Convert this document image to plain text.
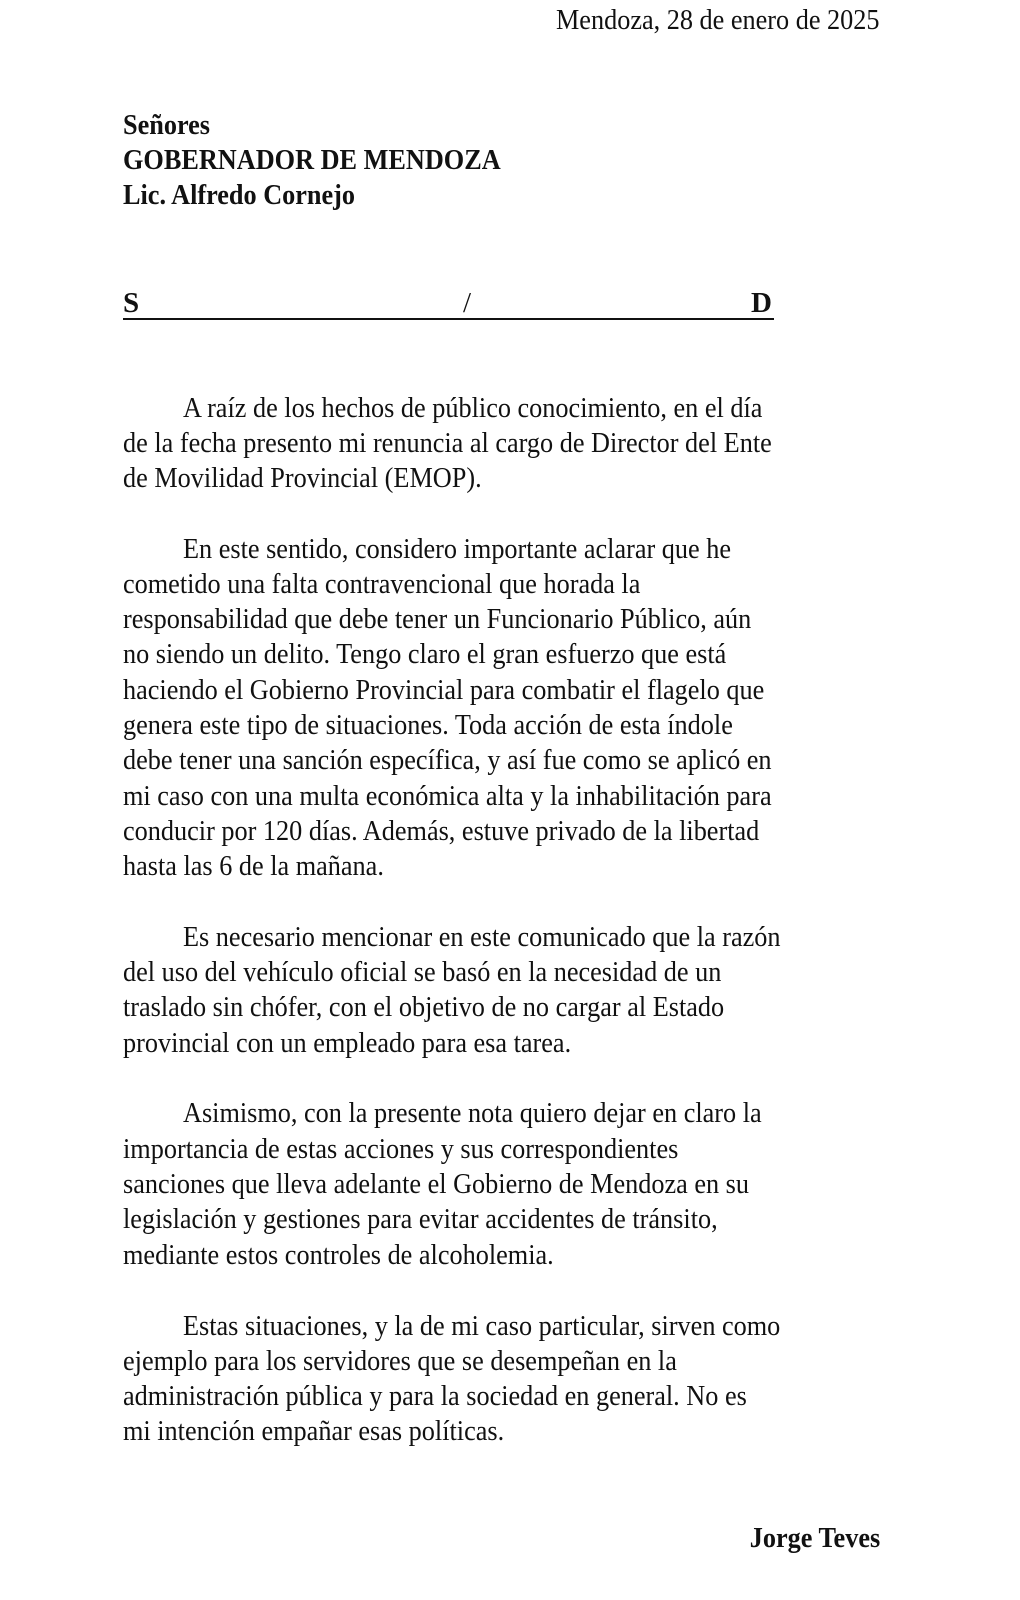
Mendoza, 28 de enero de 2025
Señores
GOBERNADOR DE MENDOZA
Lic. Alfredo Cornejo
S	/	D
A raíz de los hechos de público conocimiento, en el día
de la fecha presento mi renuncia al cargo de Director del Ente
de Movilidad Provincial (EMOP).
En este sentido, considero importante aclarar que he
cometido una falta contravencional que horada la
responsabilidad que debe tener un Funcionario Público, aún
no siendo un delito. Tengo claro el gran esfuerzo que está
haciendo el Gobierno Provincial para combatir el flagelo que
genera este tipo de situaciones. Toda acción de esta índole
debe tener una sanción específica, y así fue como se aplicó en
mi caso con una multa económica alta y la inhabilitación para
conducir por 120 días. Además, estuve privado de la libertad
hasta las 6 de la mañana.
Es necesario mencionar en este comunicado que la razón
del uso del vehículo oficial se basó en la necesidad de un
traslado sin chófer, con el objetivo de no cargar al Estado
provincial con un empleado para esa tarea.
Asimismo, con la presente nota quiero dejar en claro la
importancia de estas acciones y sus correspondientes
sanciones que lleva adelante el Gobierno de Mendoza en su
legislación y gestiones para evitar accidentes de tránsito,
mediante estos controles de alcoholemia.
Estas situaciones, y la de mi caso particular, sirven como
ejemplo para los servidores que se desempeñan en la
administración pública y para la sociedad en general. No es
mi intención empañar esas políticas.
Jorge Teves
